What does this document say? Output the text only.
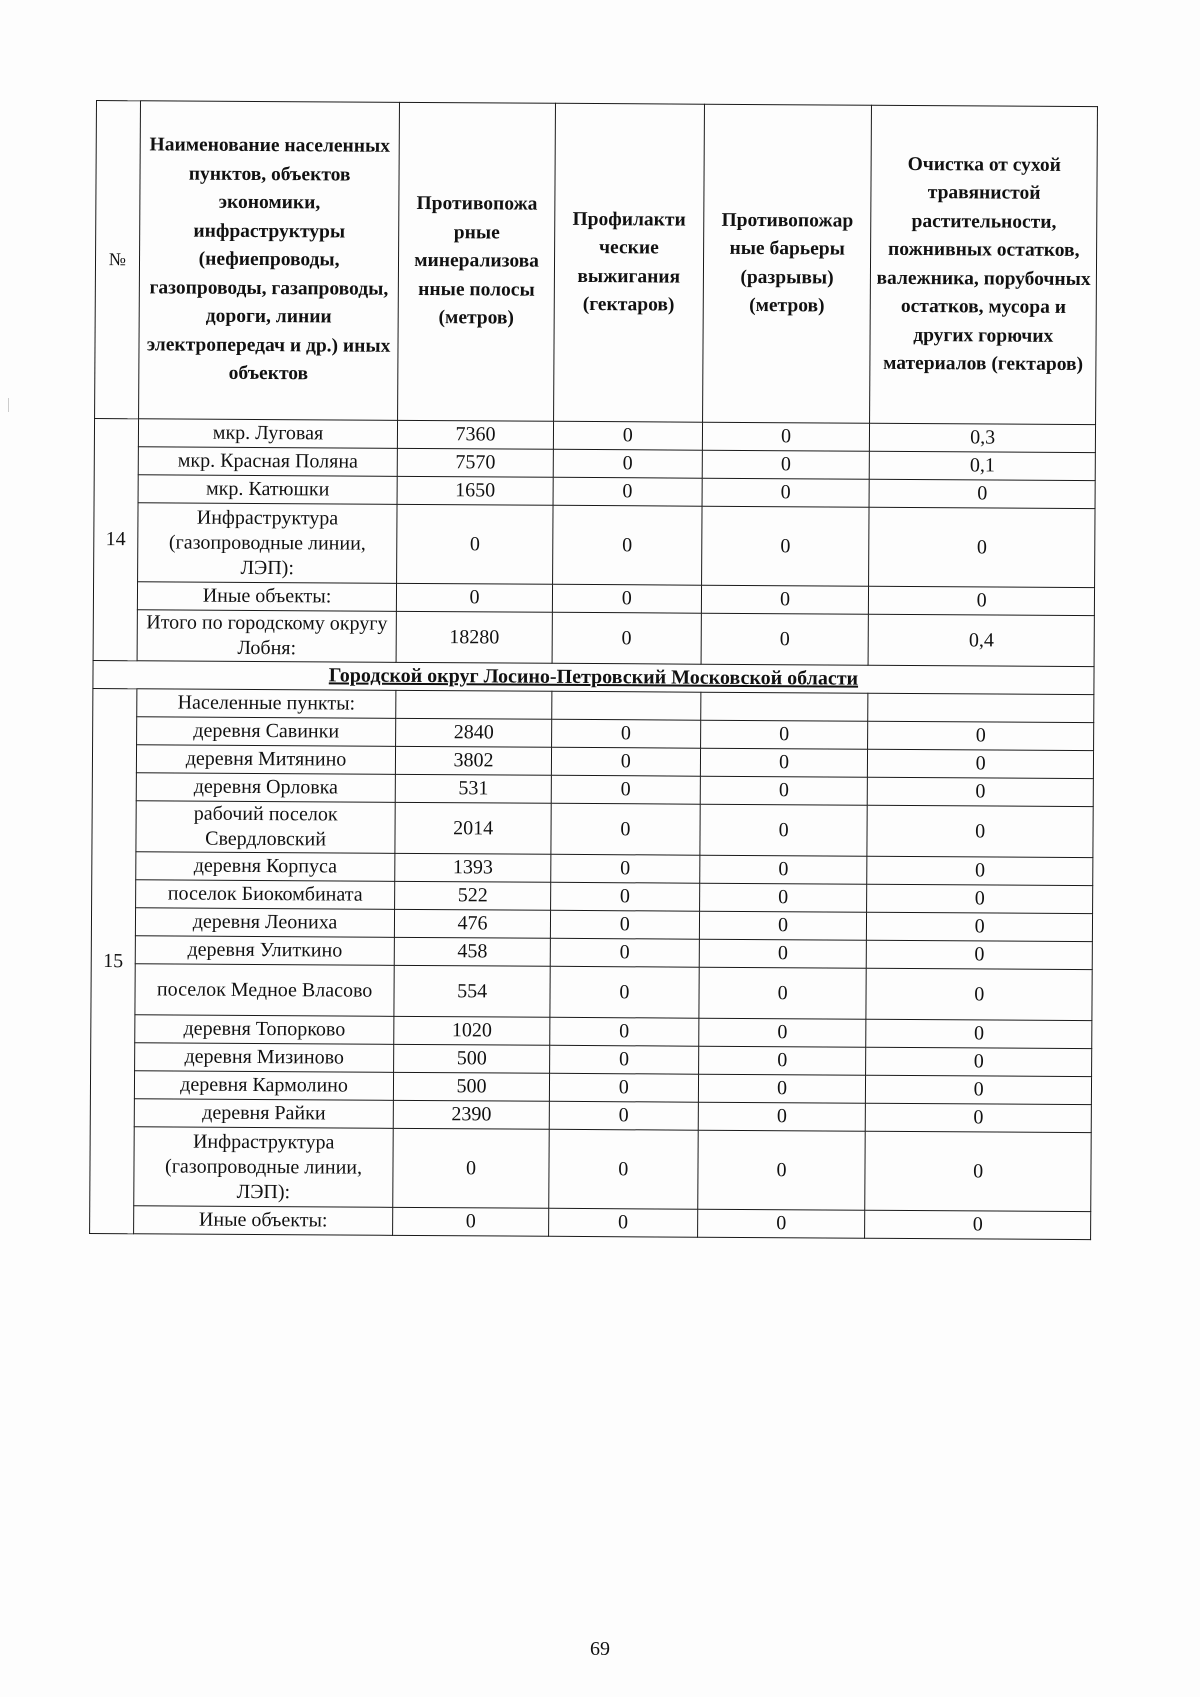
№	Наименование населенных пунктов, объектов экономики, инфраструктуры (нефиепроводы, газопроводы, газапроводы, дороги, линии электропередач и др.) иных объектов	Противопожа рные минерализова нные полосы (метров)	Профилакти ческие выжигания (гектаров)	Противопожар ные барьеры (разрывы) (метров)	Очистка от сухой травянистой растительности, пожнивных остатков, валежника, порубочных остатков, мусора и других горючих материалов (гектаров)
14	мкр. Луговая	7360	0	0	0,3
	мкр. Красная Поляна	7570	0	0	0,1
	мкр. Катюшки	1650	0	0	0
	Инфраструктура (газопроводные линии, ЛЭП):	0	0	0	0
	Иные объекты:	0	0	0	0
	Итого по городскому округу Лобня:	18280	0	0	0,4
Городской округ Лосино-Петровский Московской области					
15	Населенные пункты:				
	деревня Савинки	2840	0	0	0
	деревня Митянино	3802	0	0	0
	деревня Орловка	531	0	0	0
	рабочий поселок Свердловский	2014	0	0	0
	деревня Корпуса	1393	0	0	0
	поселок Биокомбината	522	0	0	0
	деревня Леониха	476	0	0	0
	деревня Улиткино	458	0	0	0
	поселок Медное Власово	554	0	0	0
	деревня Топорково	1020	0	0	0
	деревня Мизиново	500	0	0	0
	деревня Кармолино	500	0	0	0
	деревня Райки	2390	0	0	0
	Инфраструктура (газопроводные линии, ЛЭП):	0	0	0	0
	Иные объекты:	0	0	0	0
69
